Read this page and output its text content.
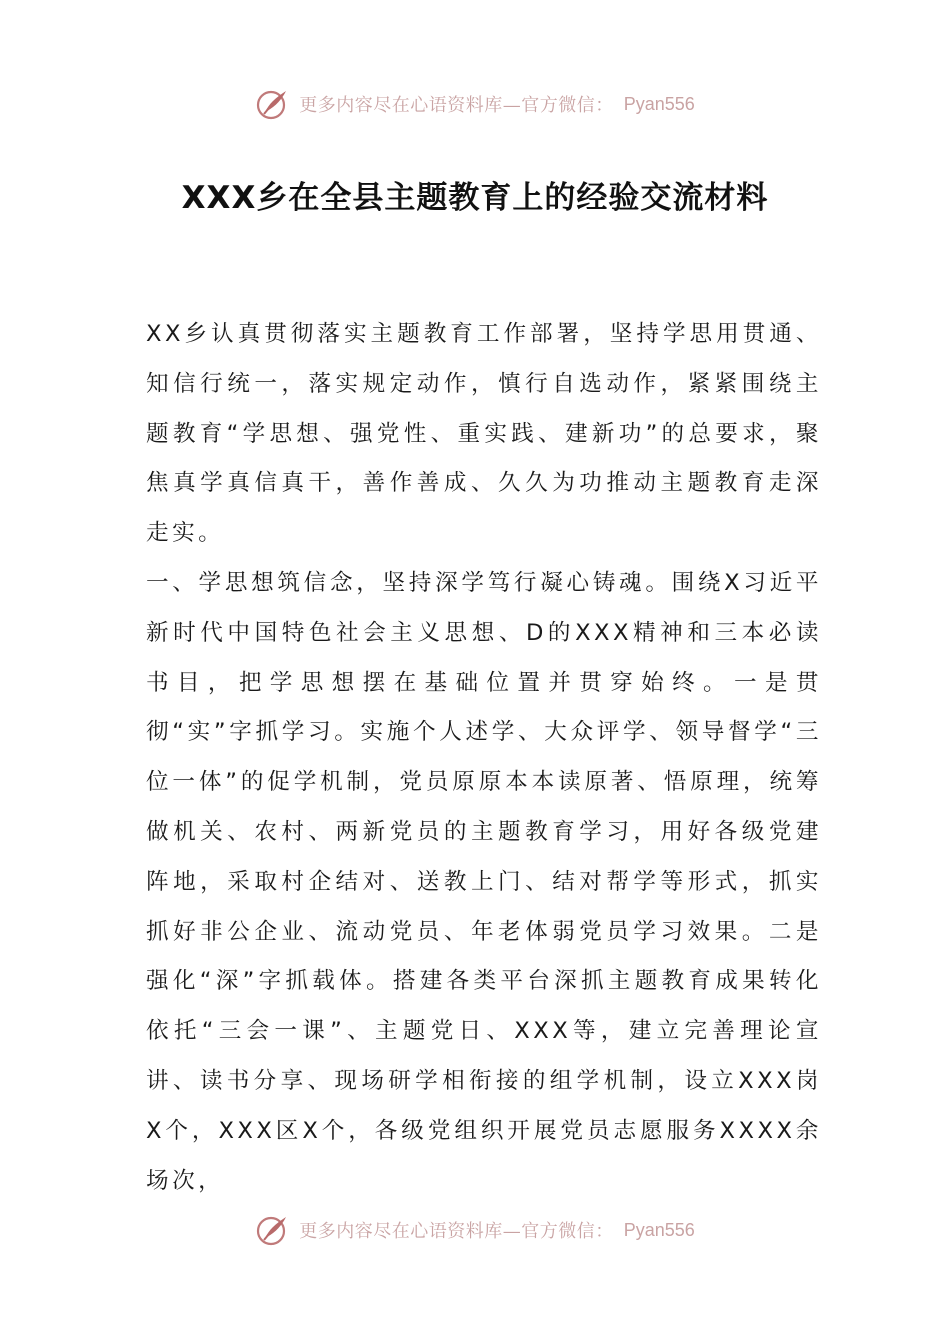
更多内容尽在心语资料库—官方微信： Pyan556
XXX乡在全县主题教育上的经验交流材料

XX乡认真贯彻落实主题教育工作部署，坚持学思用贯通、知信行统一，落实规定动作，慎行自选动作，紧紧围绕主题教育“学思想、强党性、重实践、建新功”的总要求，聚焦真学真信真干，善作善成、久久为功推动主题教育走深走实。

一、学思想筑信念，坚持深学笃行凝心铸魂。围绕X习近平新时代中国特色社会主义思想、D的XXX精神和三本必读书目，把学思想摆在基础位置并贯穿始终。一是贯彻“实”字抓学习。实施个人述学、大众评学、领导督学“三位一体”的促学机制，党员原原本本读原著、悟原理，统筹做机关、农村、两新党员的主题教育学习，用好各级党建阵地，采取村企结对、送教上门、结对帮学等形式，抓实抓好非公企业、流动党员、年老体弱党员学习效果。二是强化“深”字抓载体。搭建各类平台深抓主题教育成果转化依托“三会一课”、主题党日、XXX等，建立完善理论宣讲、读书分享、现场研学相衔接的组学机制，设立XXX岗X个，XXX区X个，各级党组织开展党员志愿服务XXXX余场次，

更多内容尽在心语资料库—官方微信： Pyan556
